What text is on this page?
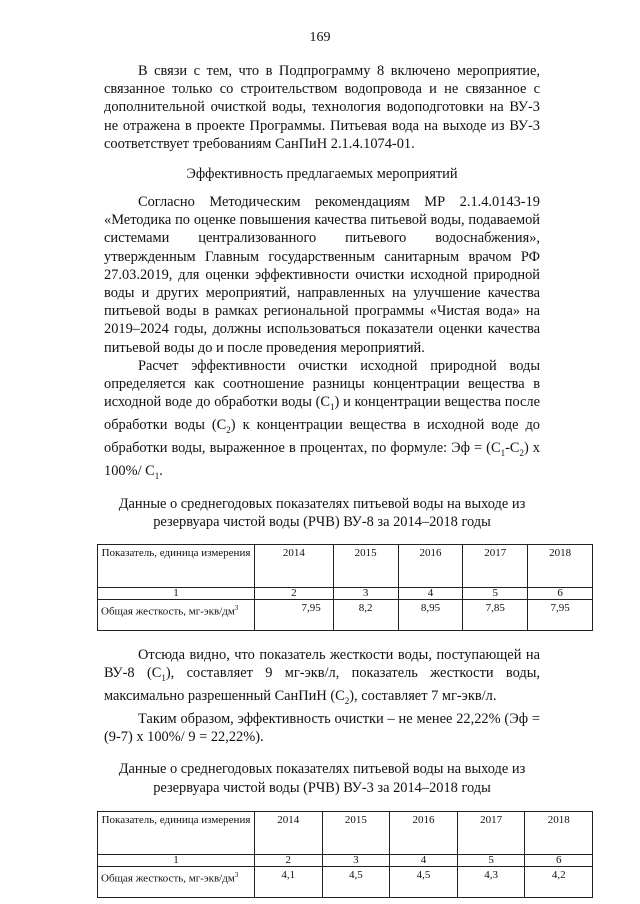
169

В связи с тем, что в Подпрограмму 8 включено мероприятие, связанное только со строительством водопровода и не связанное с дополнительной очисткой воды, технология водоподготовки на ВУ-3 не отражена в проекте Программы. Питьевая вода на выходе из ВУ-3 соответствует требованиям СанПиН 2.1.4.1074-01.

Эффективность предлагаемых мероприятий

Согласно Методическим рекомендациям МР 2.1.4.0143-19 «Методика по оценке повышения качества питьевой воды, подаваемой системами централизованного питьевого водоснабжения», утвержденным Главным государственным санитарным врачом РФ 27.03.2019, для оценки эффективности очистки исходной природной воды и других мероприятий, направленных на улучшение качества питьевой воды в рамках региональной программы «Чистая вода» на 2019–2024 годы, должны использоваться показатели оценки качества питьевой воды до и после проведения мероприятий.

Расчет эффективности очистки исходной природной воды определяется как соотношение разницы концентрации вещества в исходной воде до обработки воды $(С_1)$ и концентрации вещества после обработки воды $(С_2)$ к концентрации вещества в исходной воде до обработки воды, выраженное в процентах, по формуле: Эф = $(С_1-С_2)$ х 100%/ $С_1$.

Данные о среднегодовых показателях питьевой воды на выходе из резервуара чистой воды (РЧВ) ВУ-8 за 2014–2018 годы

Показатель, единица измерения	2014	2015	2016	2017	2018
1	2	3	4	5	6
Общая жесткость, $мг-экв/дм^3$	7,95	8,2	8,95	7,85	7,95

Отсюда видно, что показатель жесткости воды, поступающей на ВУ-8 $(С_1)$, составляет 9 мг-экв/л, показатель жесткости воды, максимально разрешенный СанПиН $(С_2)$, составляет 7 мг-экв/л.

Таким образом, эффективность очистки – не менее 22,22% (Эф = (9-7) х 100%/ 9 = 22,22%).

Данные о среднегодовых показателях питьевой воды на выходе из резервуара чистой воды (РЧВ) ВУ-3 за 2014–2018 годы

Показатель, единица измерения	2014	2015	2016	2017	2018
1	2	3	4	5	6
Общая жесткость, $мг-экв/дм^3$	4,1	4,5	4,5	4,3	4,2
